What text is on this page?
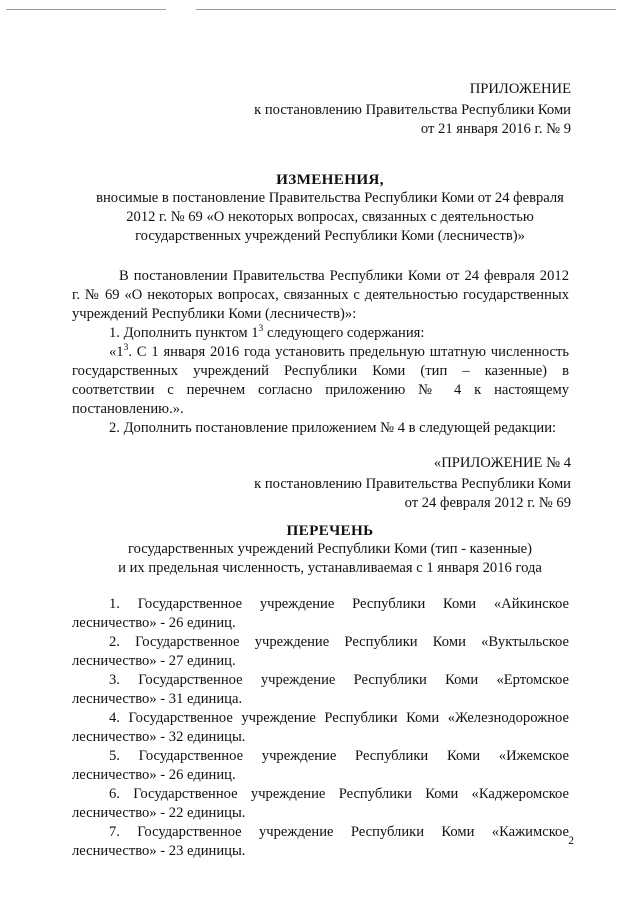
ПРИЛОЖЕНИЕ
к постановлению Правительства Республики Коми
от 21 января 2016 г. № 9
ИЗМЕНЕНИЯ,
вносимые в постановление Правительства Республики Коми от 24 февраля
2012 г. № 69 «О некоторых вопросах, связанных с деятельностью
государственных учреждений Республики Коми (лесничеств)»

В постановлении Правительства Республики Коми от 24 февраля 2012 г. № 69 «О некоторых вопросах, связанных с деятельностью государственных учреждений Республики Коми (лесничеств)»:

1. Дополнить пунктом $1^3$ следующего содержания:

«$1^3$. С 1 января 2016 года установить предельную штатную численность государственных учреждений Республики Коми (тип – казенные) в соответствии с перечнем согласно приложению № 4 к настоящему постановлению.».

2. Дополнить постановление приложением № 4 в следующей редакции:

«ПРИЛОЖЕНИЕ № 4
к постановлению Правительства Республики Коми
от 24 февраля 2012 г. № 69
ПЕРЕЧЕНЬ
государственных учреждений Республики Коми (тип - казенные)
и их предельная численность, устанавливаемая с 1 января 2016 года

1. Государственное учреждение Республики Коми «Айкинское лесничество» - 26 единиц.

2. Государственное учреждение Республики Коми «Вуктыльское лесничество» - 27 единиц.

3. Государственное учреждение Республики Коми «Ертомское лесничество» - 31 единица.

4. Государственное учреждение Республики Коми «Железнодорожное лесничество» - 32 единицы.

5. Государственное учреждение Республики Коми «Ижемское лесничество» - 26 единиц.

6. Государственное учреждение Республики Коми «Каджеромское лесничество» - 22 единицы.

7. Государственное учреждение Республики Коми «Кажимское лесничество» - 23 единицы.

2
